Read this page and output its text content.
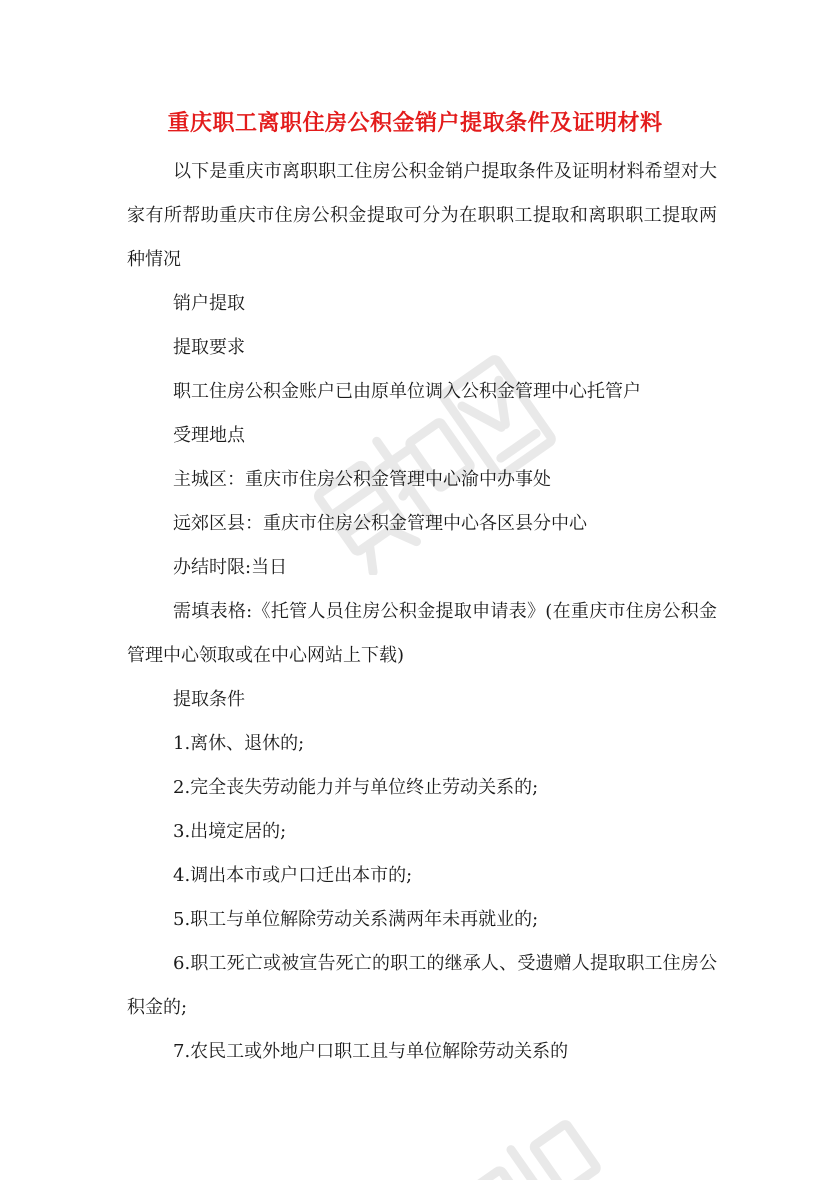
重庆职工离职住房公积金销户提取条件及证明材料

以下是重庆市离职职工住房公积金销户提取条件及证明材料希望对大家有所帮助重庆市住房公积金提取可分为在职职工提取和离职职工提取两种情况

销户提取

提取要求

职工住房公积金账户已由原单位调入公积金管理中心托管户

受理地点

主城区：重庆市住房公积金管理中心渝中办事处

远郊区县：重庆市住房公积金管理中心各区县分中心

办结时限:当日

需填表格:《托管人员住房公积金提取申请表》(在重庆市住房公积金管理中心领取或在中心网站上下载)

提取条件

1.离休、退休的;

2.完全丧失劳动能力并与单位终止劳动关系的;

3.出境定居的;

4.调出本市或户口迁出本市的;

5.职工与单位解除劳动关系满两年未再就业的;

6.职工死亡或被宣告死亡的职工的继承人、受遗赠人提取职工住房公积金的;

7.农民工或外地户口职工且与单位解除劳动关系的
